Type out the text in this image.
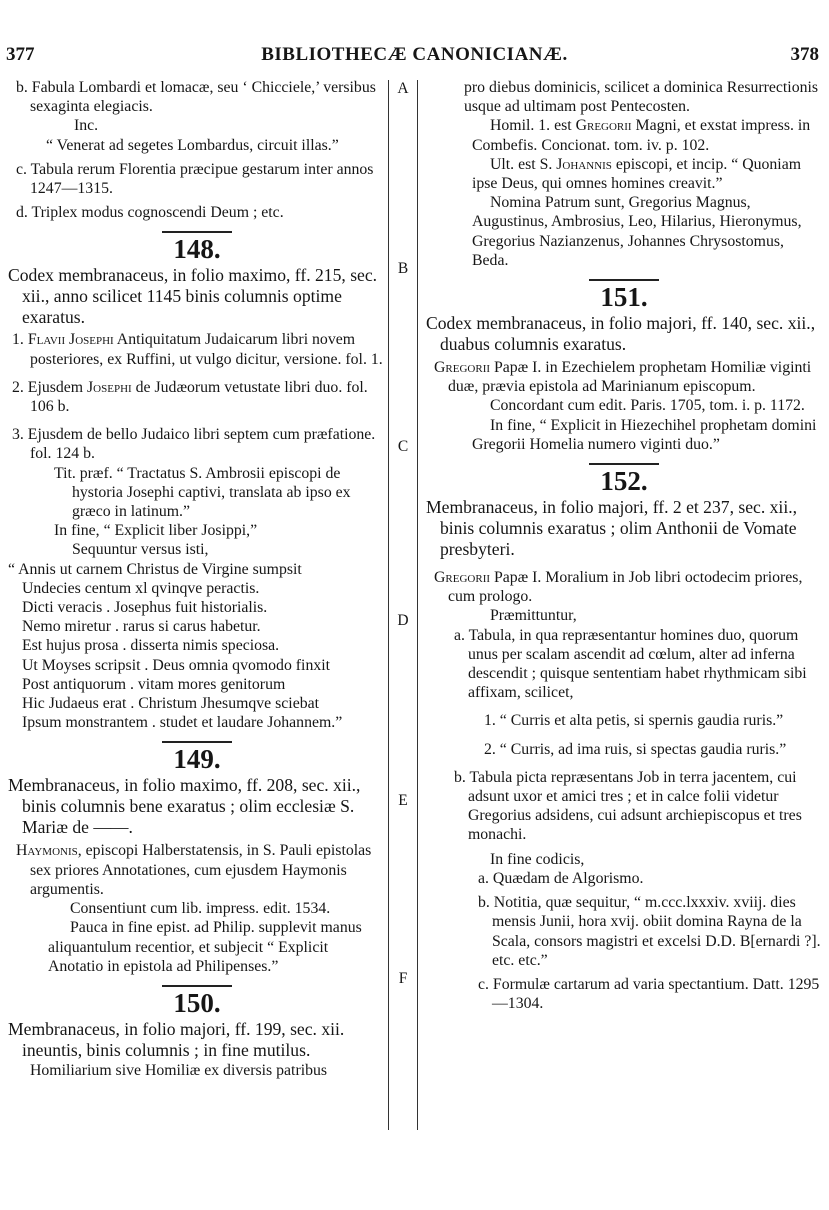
377	BIBLIOTHECÆ CANONICIANÆ.	378
A
B
C
D
E
F

b. Fabula Lombardi et lomacæ, seu ‘ Chicciele,’ versibus sexaginta elegiacis.

Inc.

“ Venerat ad segetes Lombardus, circuit illas.”

c. Tabula rerum Florentia præcipue gestarum inter annos 1247—1315.

d. Triplex modus cognoscendi Deum ; etc.

148.

Codex membranaceus, in folio maximo, ff. 215, sec. xii., anno scilicet 1145 binis columnis optime exaratus.

1. Flavii Josephi Antiquitatum Judaicarum libri novem posteriores, ex Ruffini, ut vulgo dicitur, versione. fol. 1.

2. Ejusdem Josephi de Judæorum vetustate libri duo. fol. 106 b.

3. Ejusdem de bello Judaico libri septem cum præfatione. fol. 124 b.

Tit. præf. “ Tractatus S. Ambrosii episcopi de hystoria Josephi captivi, translata ab ipso ex græco in latinum.”

In fine, “ Explicit liber Josippi,”

Sequuntur versus isti,

“ Annis ut carnem Christus de Virgine sumpsit

Undecies centum xl qvinqve peractis.

Dicti veracis . Josephus fuit historialis.

Nemo miretur . rarus si carus habetur.

Est hujus prosa . disserta nimis speciosa.

Ut Moyses scripsit . Deus omnia qvomodo finxit

Post antiquorum . vitam mores genitorum

Hic Judaeus erat . Christum Jhesumqve sciebat

Ipsum monstrantem . studet et laudare Johannem.”

149.

Membranaceus, in folio maximo, ff. 208, sec. xii., binis columnis bene exaratus ; olim ecclesiæ S. Mariæ de ——.

Haymonis, episcopi Halberstatensis, in S. Pauli epistolas sex priores Annotationes, cum ejusdem Haymonis argumentis.

Consentiunt cum lib. impress. edit. 1534.

Pauca in fine epist. ad Philip. supplevit manus aliquantulum recentior, et subjecit “ Explicit Anotatio in epistola ad Philipenses.”

150.

Membranaceus, in folio majori, ff. 199, sec. xii. ineuntis, binis columnis ; in fine mutilus.

Homiliarium sive Homiliæ ex diversis patribus

pro diebus dominicis, scilicet a dominica Resurrectionis usque ad ultimam post Pentecosten.

Homil. 1. est Gregorii Magni, et exstat impress. in Combefis. Concionat. tom. iv. p. 102.

Ult. est S. Johannis episcopi, et incip. “ Quoniam ipse Deus, qui omnes homines creavit.”

Nomina Patrum sunt, Gregorius Magnus, Augustinus, Ambrosius, Leo, Hilarius, Hieronymus, Gregorius Nazianzenus, Johannes Chrysostomus, Beda.

151.

Codex membranaceus, in folio majori, ff. 140, sec. xii., duabus columnis exaratus.

Gregorii Papæ I. in Ezechielem prophetam Homiliæ viginti duæ, prævia epistola ad Marinianum episcopum.

Concordant cum edit. Paris. 1705, tom. i. p. 1172.

In fine, “ Explicit in Hiezechihel prophetam domini Gregorii Homelia numero viginti duo.”

152.

Membranaceus, in folio majori, ff. 2 et 237, sec. xii., binis columnis exaratus ; olim Anthonii de Vomate presbyteri.

Gregorii Papæ I. Moralium in Job libri octodecim priores, cum prologo.

Præmittuntur,

a. Tabula, in qua repræsentantur homines duo, quorum unus per scalam ascendit ad cœlum, alter ad inferna descendit ; quisque sententiam habet rhythmicam sibi affixam, scilicet,

1. “ Curris et alta petis, si spernis gaudia ruris.”

2. “ Curris, ad ima ruis, si spectas gaudia ruris.”

b. Tabula picta repræsentans Job in terra jacentem, cui adsunt uxor et amici tres ; et in calce folii videtur Gregorius adsidens, cui adsunt archiepiscopus et tres monachi.

In fine codicis,

a. Quædam de Algorismo.

b. Notitia, quæ sequitur, “ m.ccc.lxxxiv. xviij. dies mensis Junii, hora xvij. obiit domina Rayna de la Scala, consors magistri et excelsi D.D. B[ernardi ?]. etc. etc.”

c. Formulæ cartarum ad varia spectantium. Datt. 1295—1304.
